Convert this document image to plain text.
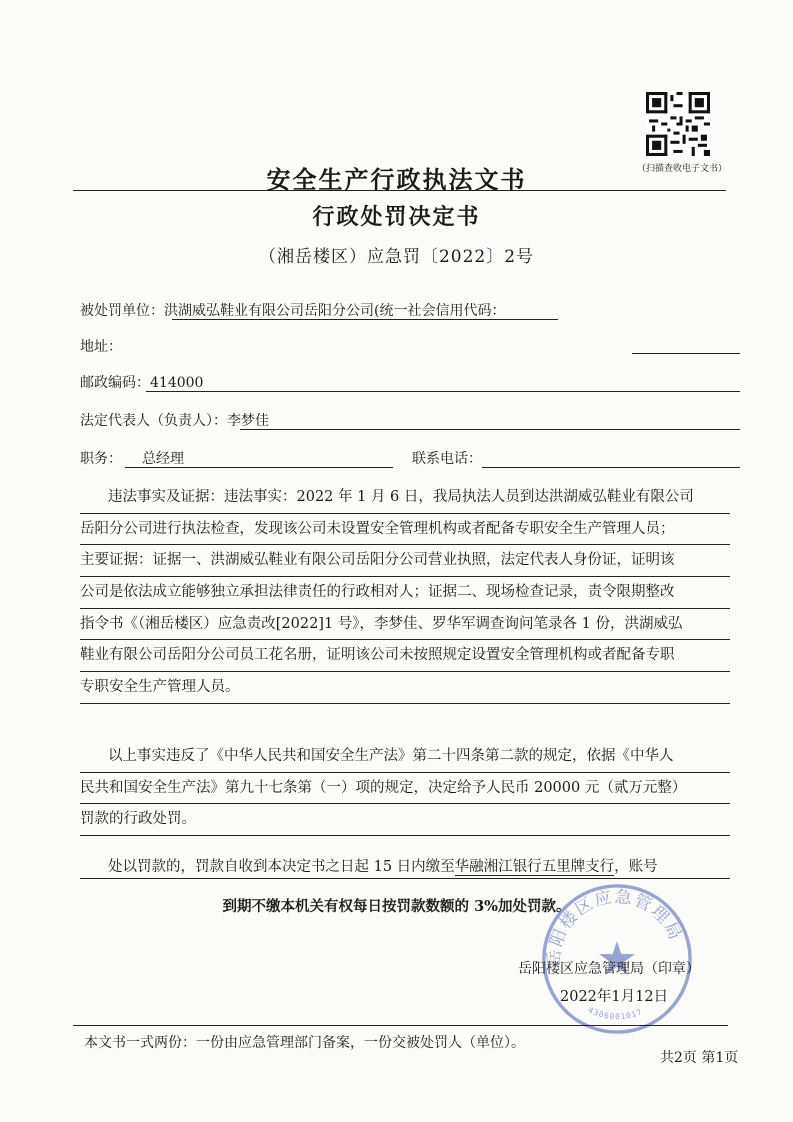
（扫描查收电子文书）
安全生产行政执法文书
行政处罚决定书
（湘岳楼区）应急罚〔2022〕2号
被处罚单位：洪湖威弘鞋业有限公司岳阳分公司(统一社会信用代码：
地址：
邮政编码：414000
法定代表人（负责人）：李梦佳
职务： 总经理	联系电话：
违法事实及证据：违法事实：2022 年 1 月 6 日，我局执法人员到达洪湖威弘鞋业有限公司
岳阳分公司进行执法检查，发现该公司未设置安全管理机构或者配备专职安全生产管理人员；
主要证据：证据一、洪湖威弘鞋业有限公司岳阳分公司营业执照，法定代表人身份证，证明该
公司是依法成立能够独立承担法律责任的行政相对人；证据二、现场检查记录，责令限期整改
指令书《（湘岳楼区）应急责改[2022]1 号》，李梦佳、罗华军调查询问笔录各 1 份，洪湖威弘
鞋业有限公司岳阳分公司员工花名册，证明该公司未按照规定设置安全管理机构或者配备专职
专职安全生产管理人员。
以上事实违反了《中华人民共和国安全生产法》第二十四条第二款的规定，依据《中华人
民共和国安全生产法》第九十七条第（一）项的规定，决定给予人民币 20000 元（贰万元整）
罚款的行政处罚。
处以罚款的，罚款自收到本决定书之日起 15 日内缴至华融湘江银行五里牌支行，账号
到期不缴本机关有权每日按罚款数额的 3%加处罚款。
岳阳楼区应急管理局
4306001017
岳阳楼区应急管理局（印章）
2022年1月12日
本文书一式两份：一份由应急管理部门备案，一份交被处罚人（单位）。
共2页 第1页
